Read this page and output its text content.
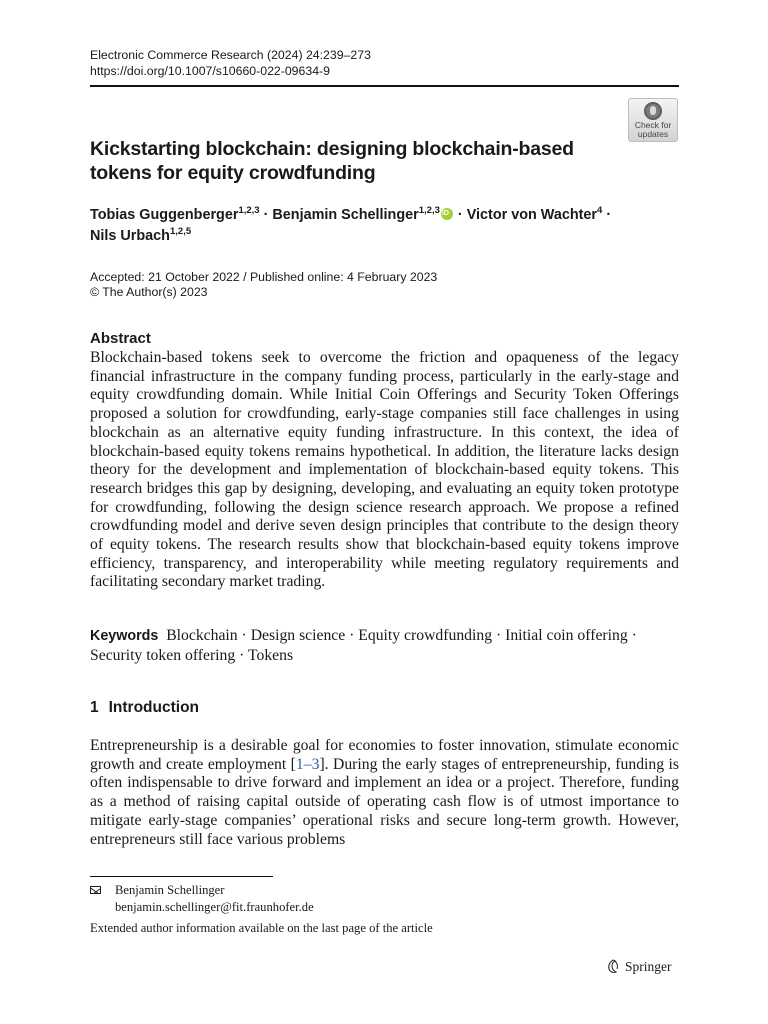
Electronic Commerce Research (2024) 24:239–273
https://doi.org/10.1007/s10660-022-09634-9
Check for updates
Kickstarting blockchain: designing blockchain-based tokens for equity crowdfunding
Tobias Guggenberger$^{1,2,3}$ · Benjamin Schellinger$^{1,2,3}$iD · Victor von Wachter$^4$ ·
Nils Urbach$^{1,2,5}$
Accepted: 21 October 2022 / Published online: 4 February 2023
© The Author(s) 2023
Abstract

Blockchain-based tokens seek to overcome the friction and opaqueness of the legacy financial infrastructure in the company funding process, particularly in the early-stage and equity crowdfunding domain. While Initial Coin Offerings and Security Token Offerings proposed a solution for crowdfunding, early-stage companies still face challenges in using blockchain as an alternative equity funding infrastructure. In this context, the idea of blockchain-based equity tokens remains hypothetical. In addition, the literature lacks design theory for the development and implementation of blockchain-based equity tokens. This research bridges this gap by designing, developing, and evaluating an equity token prototype for crowdfunding, following the design science research approach. We propose a refined crowdfunding model and derive seven design principles that contribute to the design theory of equity tokens. The research results show that blockchain-based equity tokens improve efficiency, transparency, and interoperability while meeting regulatory requirements and facilitating secondary market trading.

Keywords Blockchain · Design science · Equity crowdfunding · Initial coin offering · Security token offering · Tokens
1 Introduction

Entrepreneurship is a desirable goal for economies to foster innovation, stimulate economic growth and create employment [1–3]. During the early stages of entrepreneurship, funding is often indispensable to drive forward and implement an idea or a project. Therefore, funding as a method of raising capital outside of operating cash flow is of utmost importance to mitigate early-stage companies’ operational risks and secure long-term growth. However, entrepreneurs still face various problems

Benjamin Schellinger
benjamin.schellinger@fit.fraunhofer.de
Extended author information available on the last page of the article
Springer
